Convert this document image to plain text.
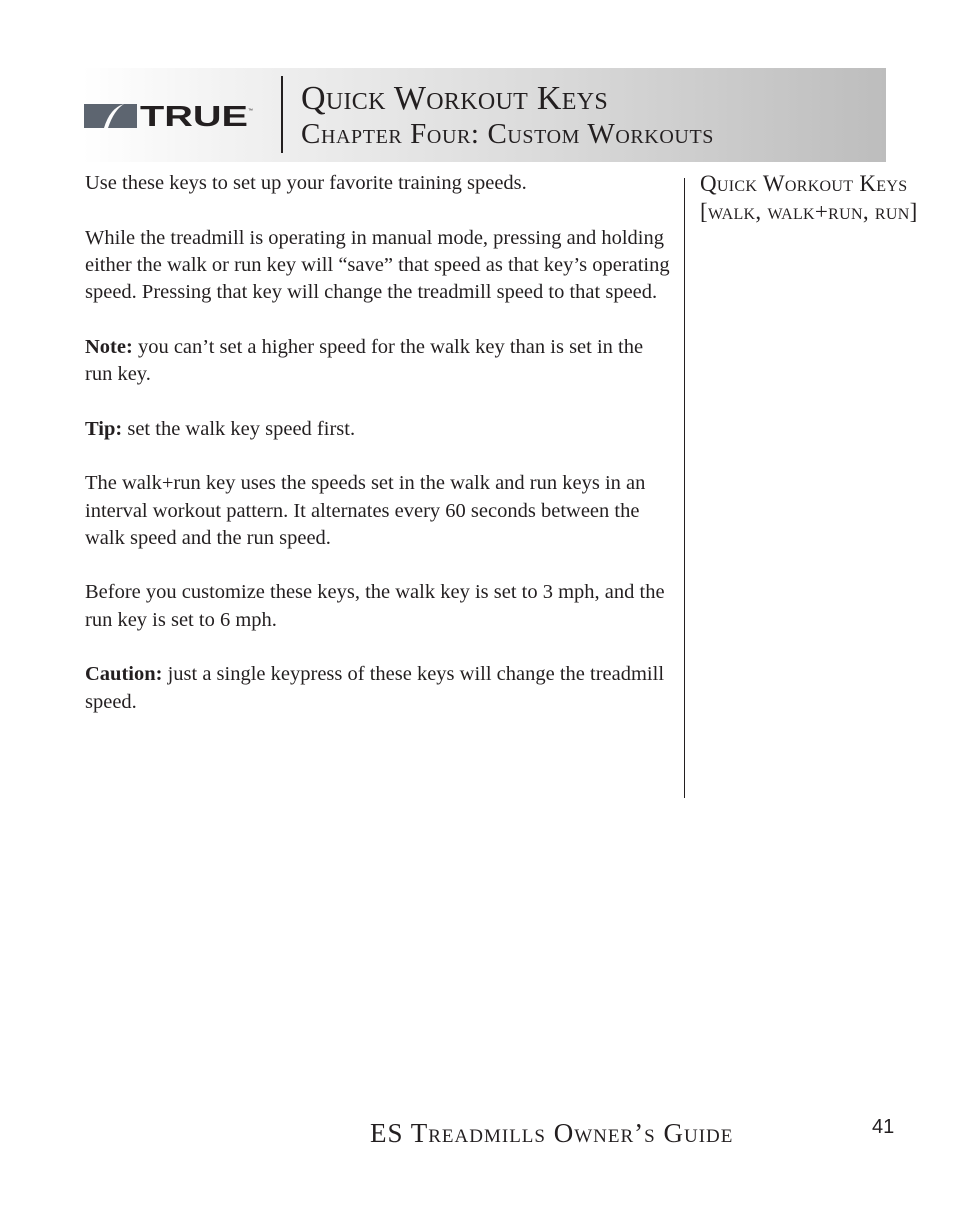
TRUE ™ Quick Workout Keys
Chapter Four: Custom Workouts

Use these keys to set up your favorite training speeds.

While the treadmill is operating in manual mode, pressing and holding either the walk or run key will “save” that speed as that key’s operating speed. Pressing that key will change the treadmill speed to that speed.

Note: you can’t set a higher speed for the walk key than is set in the run key.

Tip: set the walk key speed first.

The walk+run key uses the speeds set in the walk and run keys in an interval workout pattern. It alternates every 60 seconds between the walk speed and the run speed.

Before you customize these keys, the walk key is set to 3 mph, and the run key is set to 6 mph.

Caution: just a single keypress of these keys will change the treadmill speed.

Quick Workout Keys [walk, walk+run, run]
ES Treadmills Owner’s Guide	41
